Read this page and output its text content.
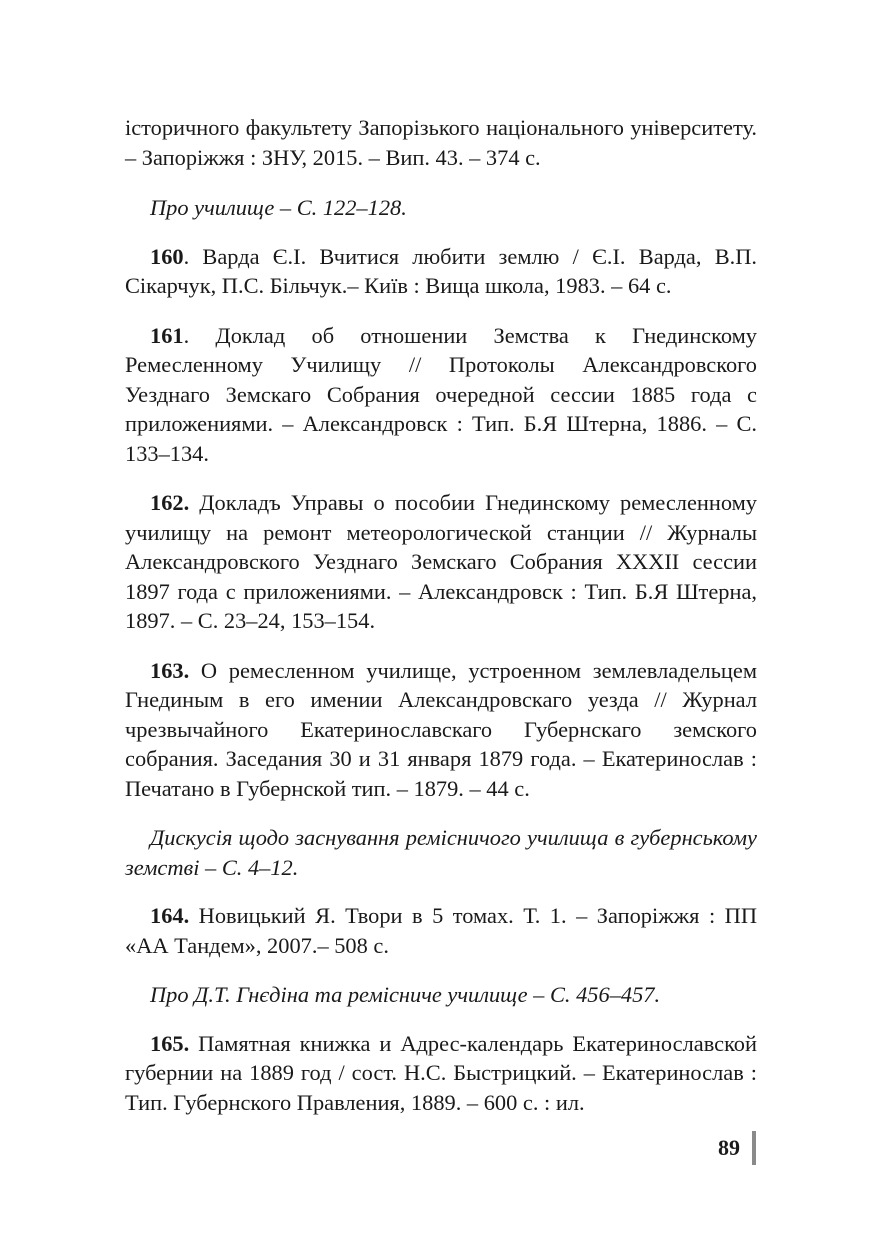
історичного факультету Запорізького національного університету. – Запоріжжя : ЗНУ, 2015. – Вип. 43. – 374 с.

Про училище – С. 122–128.

160. Варда Є.І. Вчитися любити землю / Є.І. Варда, В.П. Сікарчук, П.С. Більчук.– Київ : Вища школа, 1983. – 64 с.

161. Доклад об отношении Земства к Гнединскому Ремесленному Училищу // Протоколы Александровского Уезднаго Земскаго Собрания очередной сессии 1885 года с приложениями. – Александровск : Тип. Б.Я Штерна, 1886. – С. 133–134.

162. Докладъ Управы о пособии Гнединскому ремесленному училищу на ремонт метеорологической станции // Журналы Александровского Уезднаго Земскаго Собрания XXXII сессии 1897 года с приложениями. – Александровск : Тип. Б.Я Штерна, 1897. – С. 23–24, 153–154.

163. О ремесленном училище, устроенном землевладельцем Гнединым в его имении Александровскаго уезда // Журнал чрезвычайного Екатеринославскаго Губернскаго земского собрания. Заседания 30 и 31 января 1879 года. – Екатеринослав : Печатано в Губернской тип. – 1879. – 44 с.

Дискусія щодо заснування ремісничого училища в губернському земстві – С. 4–12.

164. Новицький Я. Твори в 5 томах. Т. 1. – Запоріжжя : ПП «АА Тандем», 2007.– 508 с.

Про Д.Т. Гнєдіна та ремісниче училище – С. 456–457.

165. Памятная книжка и Адрес-календарь Екатеринославской губернии на 1889 год / сост. Н.С. Быстрицкий. – Екатеринослав : Тип. Губернского Правления, 1889. – 600 с. : ил.

89
